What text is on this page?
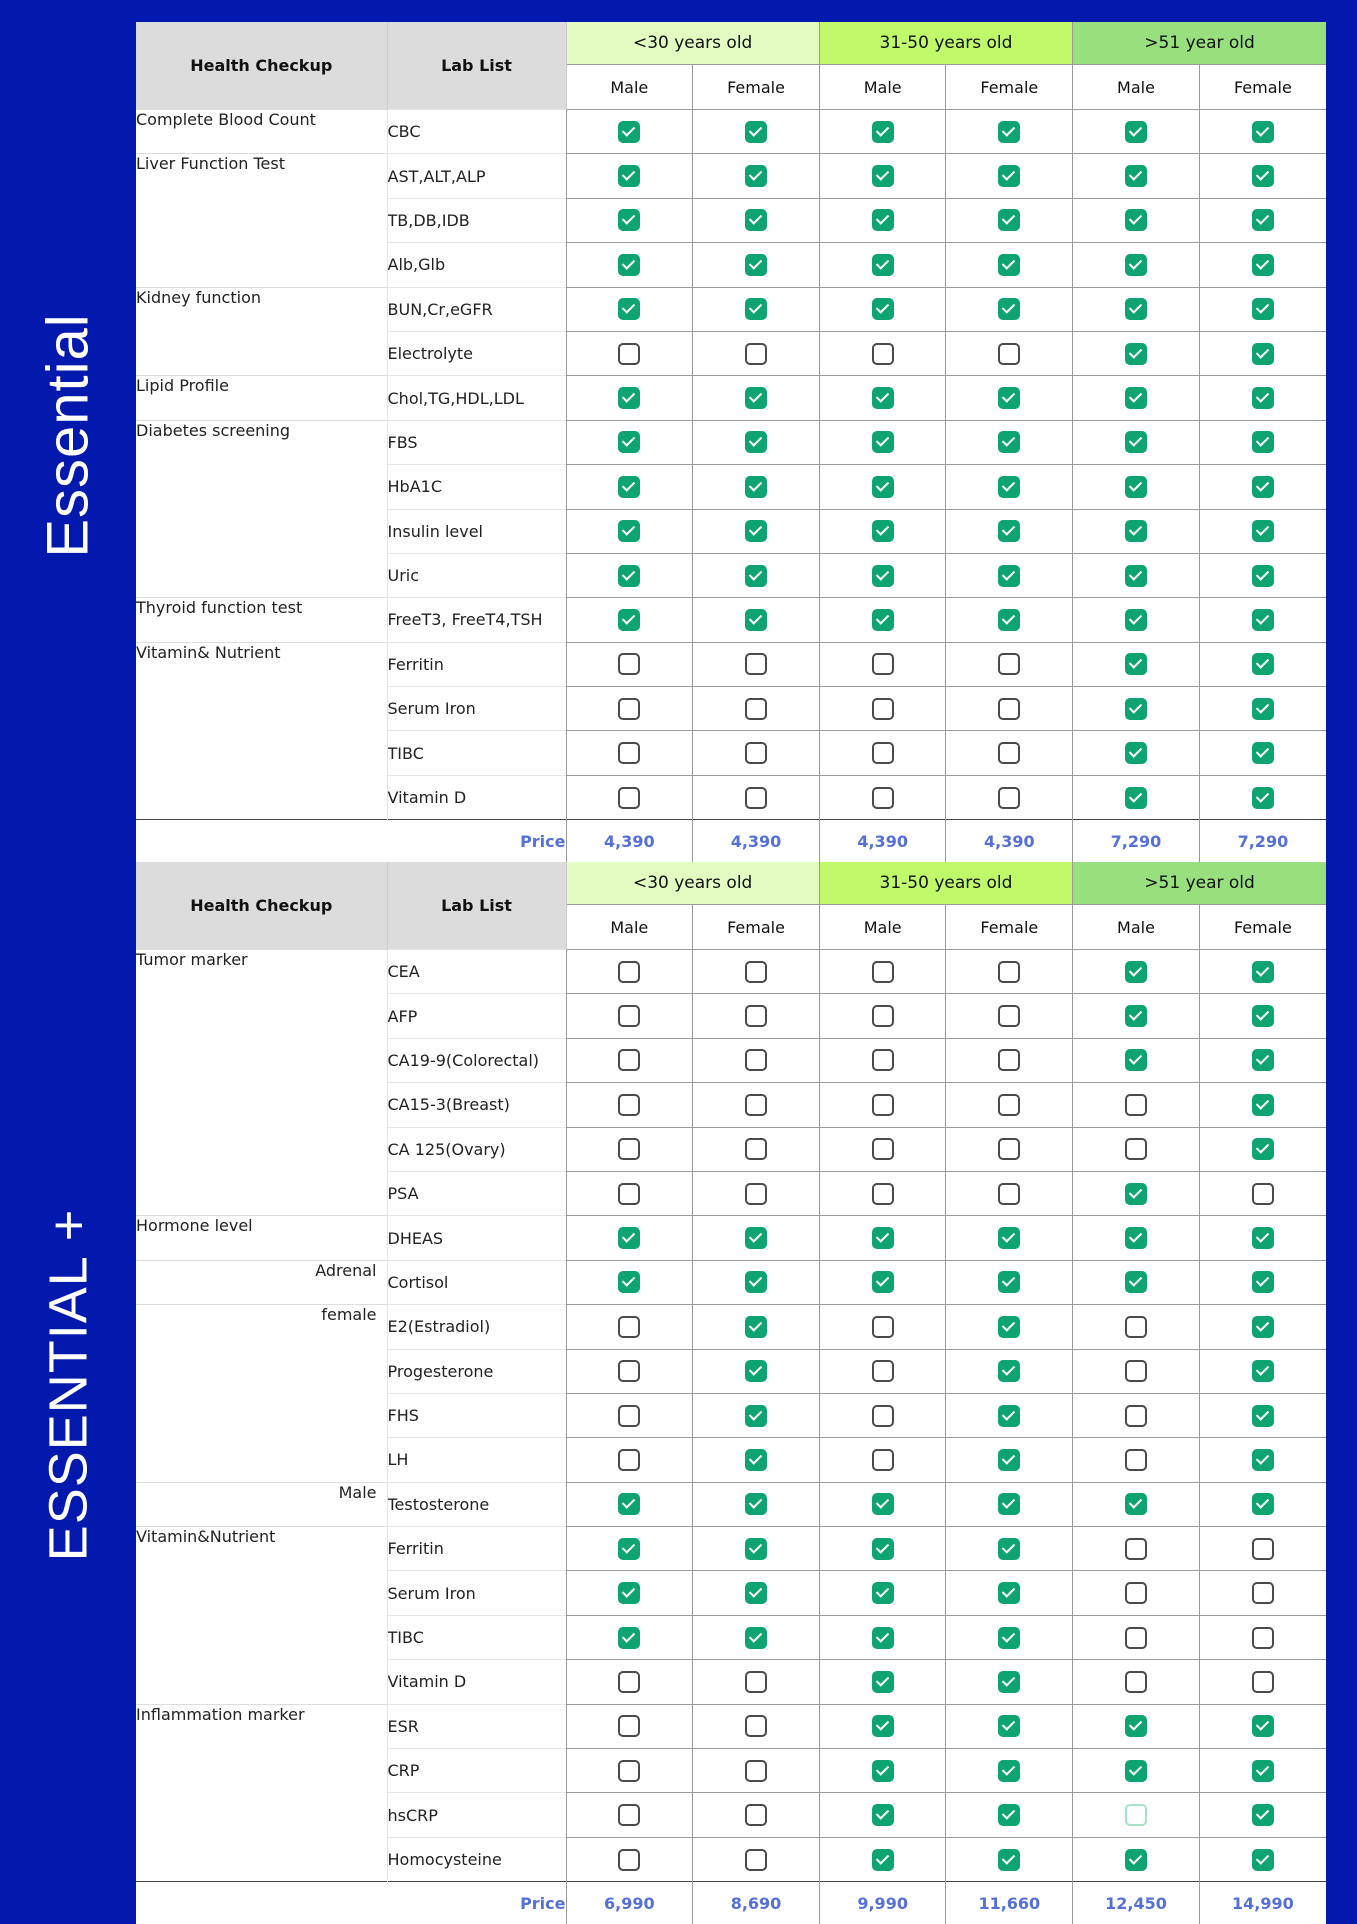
Essential
ESSENTIAL +
Health Checkup	Lab List	<30 years old		31-50 years old		>51 year old	
		Male	Female	Male	Female	Male	Female
Complete Blood Count	CBC						
Liver Function Test	AST,ALT,ALP						
	TB,DB,IDB						
	Alb,Glb						
Kidney function	BUN,Cr,eGFR						
	Electrolyte						
Lipid Profile	Chol,TG,HDL,LDL						
Diabetes screening	FBS						
	HbA1C						
	Insulin level						
	Uric						
Thyroid function test	FreeT3, FreeT4,TSH						
Vitamin& Nutrient	Ferritin						
	Serum Iron						
	TIBC						
	Vitamin D						
Price		4,390	4,390	4,390	4,390	7,290	7,290
Health Checkup	Lab List	<30 years old		31-50 years old		>51 year old	
		Male	Female	Male	Female	Male	Female
Tumor marker	CEA						
	AFP						
	CA19-9(Colorectal)						
	CA15-3(Breast)						
	CA 125(Ovary)						
	PSA						
Hormone level	DHEAS						
Adrenal	Cortisol						
female	E2(Estradiol)						
	Progesterone						
	FHS						
	LH						
Male	Testosterone						
Vitamin&Nutrient	Ferritin						
	Serum Iron						
	TIBC						
	Vitamin D						
Inflammation marker	ESR						
	CRP						
	hsCRP						
	Homocysteine						
Price		6,990	8,690	9,990	11,660	12,450	14,990
